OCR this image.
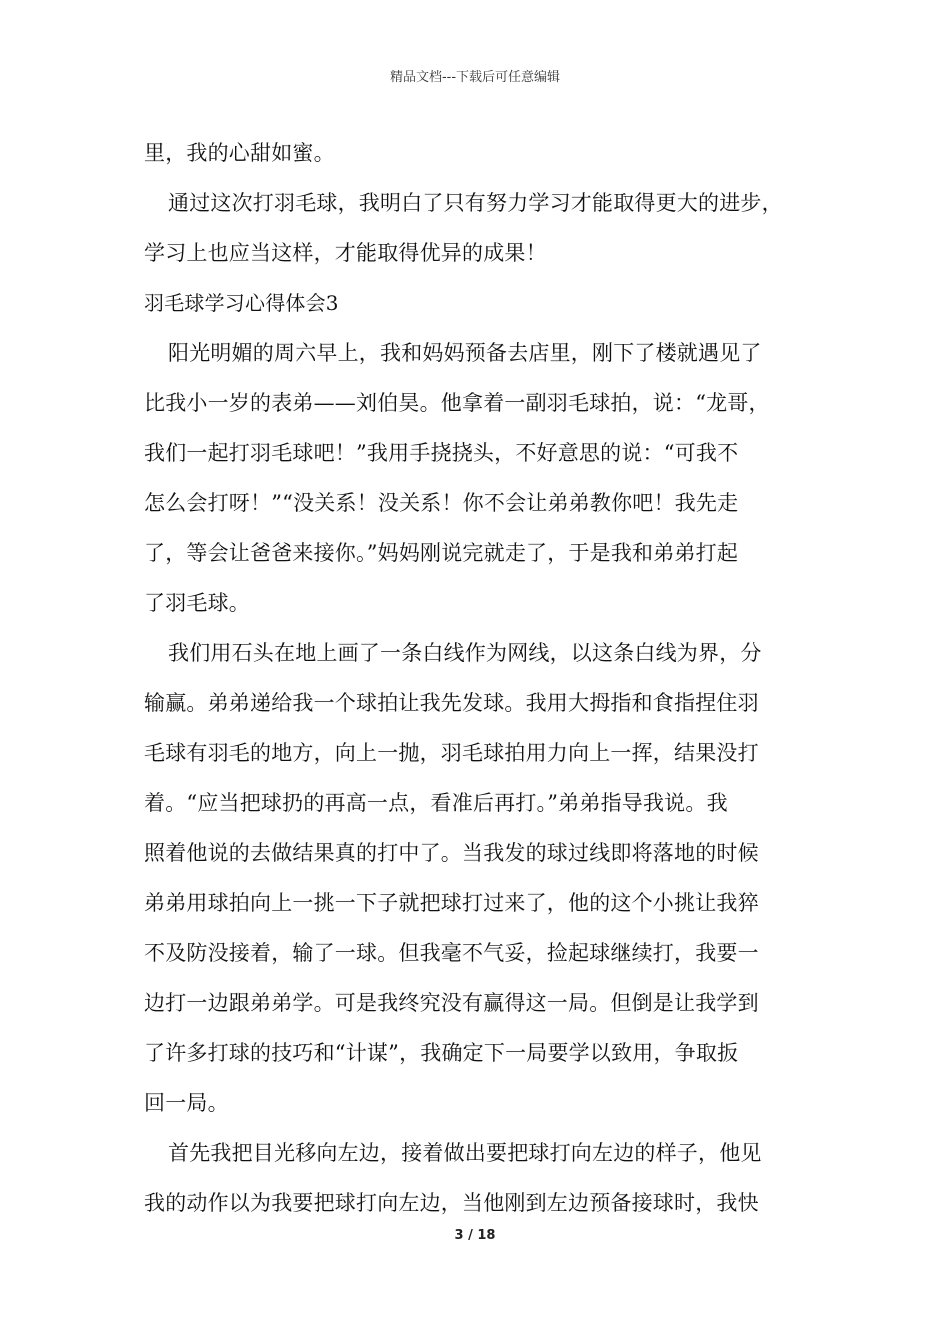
精品文档---下载后可任意编辑
里，我的心甜如蜜。
通过这次打羽毛球，我明白了只有努力学习才能取得更大的进步，
学习上也应当这样，才能取得优异的成果！
羽毛球学习心得体会3
阳光明媚的周六早上，我和妈妈预备去店里，刚下了楼就遇见了
比我小一岁的表弟——刘伯昊。他拿着一副羽毛球拍，说：“龙哥，
我们一起打羽毛球吧！”我用手挠挠头，不好意思的说：“可我不
怎么会打呀！”“没关系！没关系！你不会让弟弟教你吧！我先走
了，等会让爸爸来接你。”妈妈刚说完就走了，于是我和弟弟打起
了羽毛球。
我们用石头在地上画了一条白线作为网线，以这条白线为界，分
输赢。弟弟递给我一个球拍让我先发球。我用大拇指和食指捏住羽
毛球有羽毛的地方，向上一抛，羽毛球拍用力向上一挥，结果没打
着。“应当把球扔的再高一点，看准后再打。”弟弟指导我说。我
照着他说的去做结果真的打中了。当我发的球过线即将落地的时候
弟弟用球拍向上一挑一下子就把球打过来了，他的这个小挑让我猝
不及防没接着，输了一球。但我毫不气妥，捡起球继续打，我要一
边打一边跟弟弟学。可是我终究没有赢得这一局。但倒是让我学到
了许多打球的技巧和“计谋”，我确定下一局要学以致用，争取扳
回一局。
首先我把目光移向左边，接着做出要把球打向左边的样子，他见
我的动作以为我要把球打向左边，当他刚到左边预备接球时，我快
3 / 18
